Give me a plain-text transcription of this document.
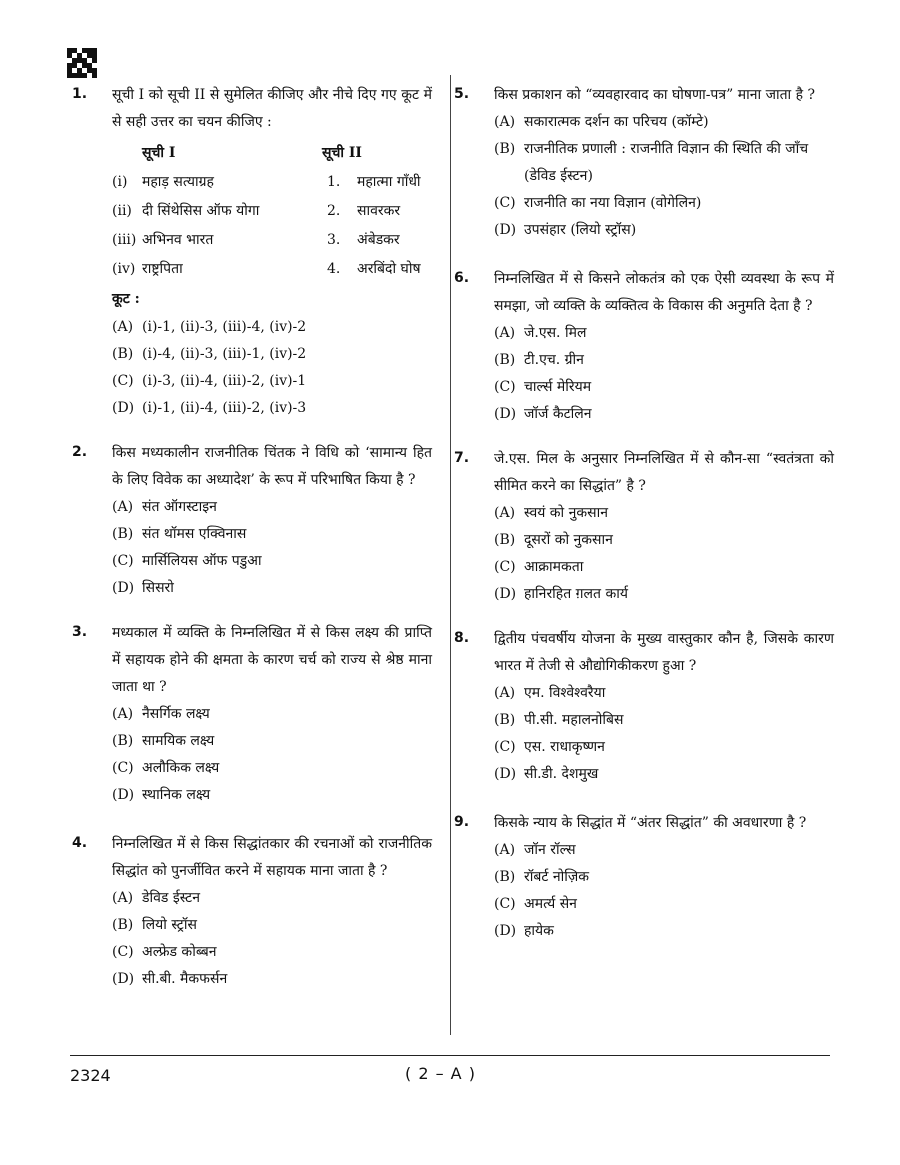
1. सूची I को सूची II से सुमेलित कीजिए और नीचे दिए गए कूट में से सही उत्तर का चयन कीजिए :

सूची I	सूची II
(i) महाड़ सत्याग्रह	1. महात्मा गाँधी
(ii) दी सिंथेसिस ऑफ योगा	2. सावरकर
(iii) अभिनव भारत	3. अंबेडकर
(iv) राष्ट्रपिता	4. अरबिंदो घोष
कूट :
(A) (i)-1, (ii)-3, (iii)-4, (iv)-2
(B) (i)-4, (ii)-3, (iii)-1, (iv)-2
(C) (i)-3, (ii)-4, (iii)-2, (iv)-1
(D) (i)-1, (ii)-4, (iii)-2, (iv)-3
2. किस मध्यकालीन राजनीतिक चिंतक ने विधि को ‘सामान्य हित के लिए विवेक का अध्यादेश’ के रूप में परिभाषित किया है ?

(A) संत ऑगस्टाइन
(B) संत थॉमस एक्विनास
(C) मार्सिलियस ऑफ पडुआ
(D) सिसरो
3. मध्यकाल में व्यक्ति के निम्नलिखित में से किस लक्ष्य की प्राप्ति में सहायक होने की क्षमता के कारण चर्च को राज्य से श्रेष्ठ माना जाता था ?

(A) नैसर्गिक लक्ष्य
(B) सामयिक लक्ष्य
(C) अलौकिक लक्ष्य
(D) स्थानिक लक्ष्य
4. निम्नलिखित में से किस सिद्धांतकार की रचनाओं को राजनीतिक सिद्धांत को पुनर्जीवित करने में सहायक माना जाता है ?

(A) डेविड ईस्टन
(B) लियो स्ट्रॉस
(C) अल्फ्रेड कोब्बन
(D) सी.बी. मैकफर्सन
5. किस प्रकाशन को “व्यवहारवाद का घोषणा-पत्र” माना जाता है ?

(A) सकारात्मक दर्शन का परिचय (कॉम्टे)
(B) राजनीतिक प्रणाली : राजनीति विज्ञान की स्थिति की जाँच (डेविड ईस्टन)
(C) राजनीति का नया विज्ञान (वोगेलिन)
(D) उपसंहार (लियो स्ट्रॉस)
6. निम्नलिखित में से किसने लोकतंत्र को एक ऐसी व्यवस्था के रूप में समझा, जो व्यक्ति के व्यक्तित्व के विकास की अनुमति देता है ?

(A) जे.एस. मिल
(B) टी.एच. ग्रीन
(C) चार्ल्स मेरियम
(D) जॉर्ज कैटलिन
7. जे.एस. मिल के अनुसार निम्नलिखित में से कौन-सा “स्वतंत्रता को सीमित करने का सिद्धांत” है ?

(A) स्वयं को नुकसान
(B) दूसरों को नुकसान
(C) आक्रामकता
(D) हानिरहित ग़लत कार्य
8. द्वितीय पंचवर्षीय योजना के मुख्य वास्तुकार कौन है, जिसके कारण भारत में तेजी से औद्योगिकीकरण हुआ ?

(A) एम. विश्वेश्वरैया
(B) पी.सी. महालनोबिस
(C) एस. राधाकृष्णन
(D) सी.डी. देशमुख
9. किसके न्याय के सिद्धांत में “अंतर सिद्धांत” की अवधारणा है ?

(A) जॉन रॉल्स
(B) रॉबर्ट नोज़िक
(C) अमर्त्य सेन
(D) हायेक
2324	( 2 – A )
